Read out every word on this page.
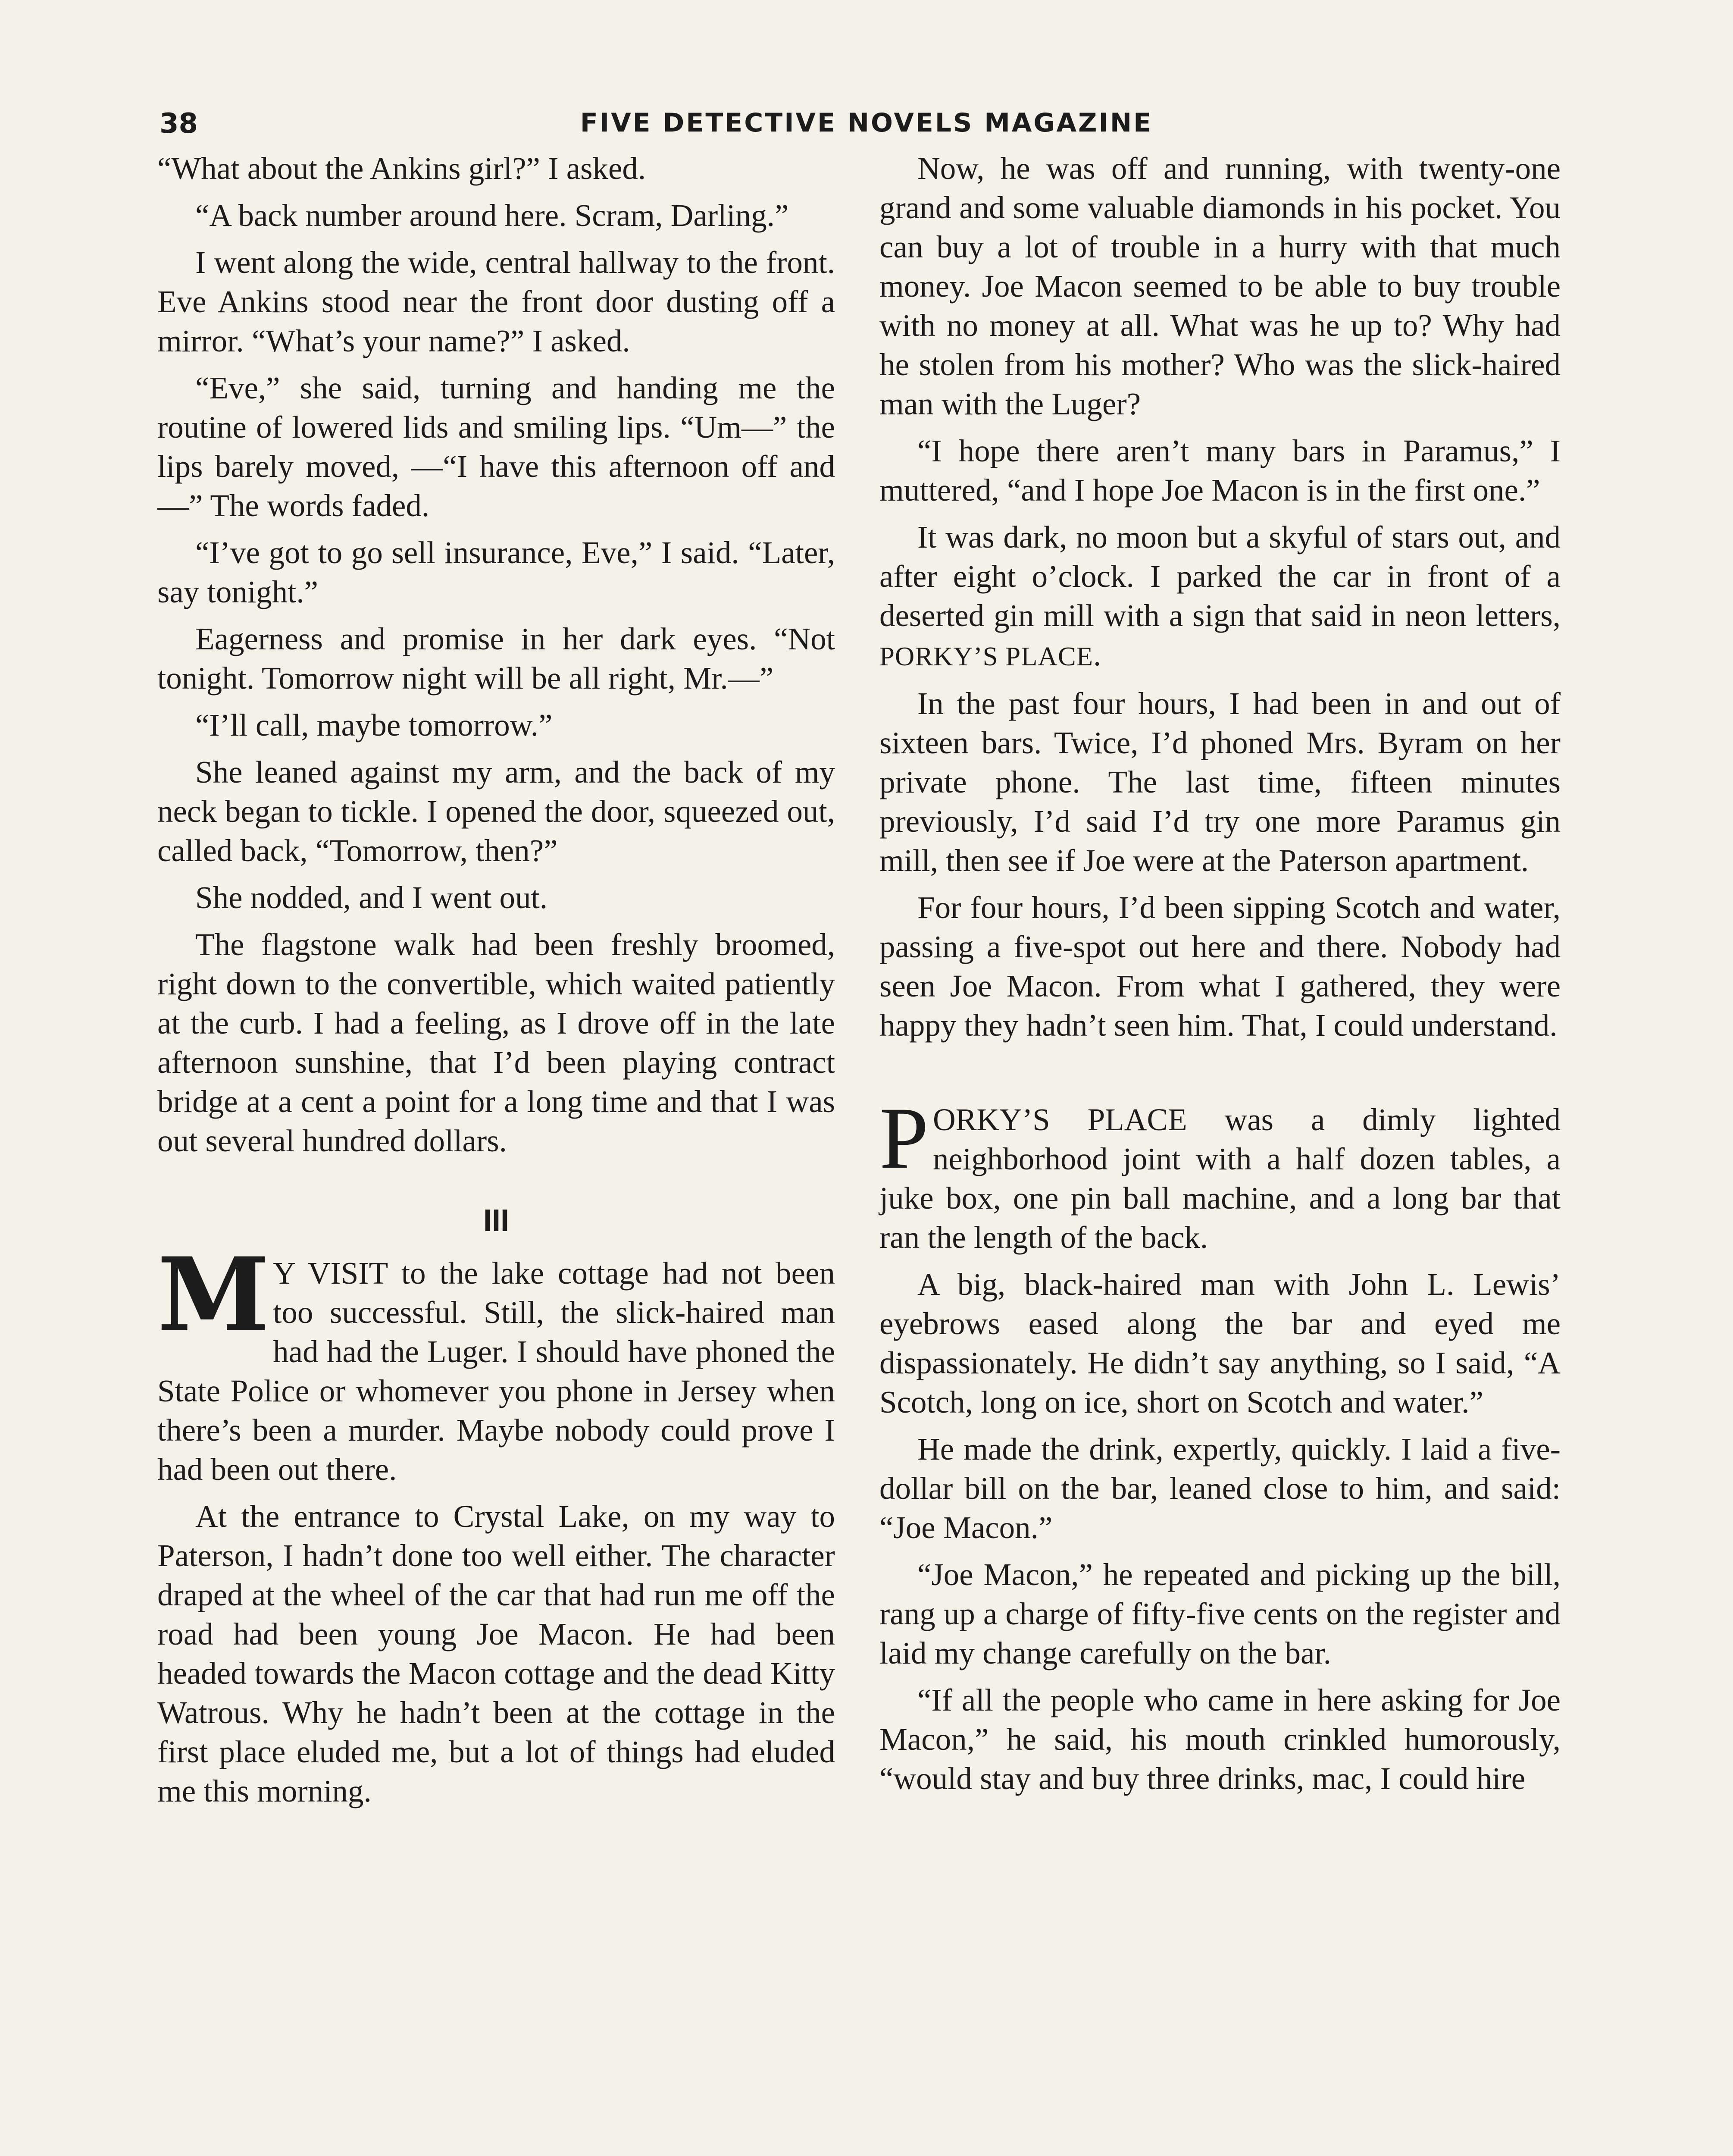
38	FIVE DETECTIVE NOVELS MAGAZINE

“What about the Ankins girl?” I asked.

“A back number around here. Scram, Darling.”

I went along the wide, central hallway to the front. Eve Ankins stood near the front door dusting off a mirror. “What’s your name?” I asked.

“Eve,” she said, turning and handing me the routine of lowered lids and smiling lips. “Um—” the lips barely moved, —“I have this afternoon off and—” The words faded.

“I’ve got to go sell insurance, Eve,” I said. “Later, say tonight.”

Eagerness and promise in her dark eyes. “Not tonight. Tomorrow night will be all right, Mr.—”

“I’ll call, maybe tomorrow.”

She leaned against my arm, and the back of my neck began to tickle. I opened the door, squeezed out, called back, “Tomorrow, then?”

She nodded, and I went out.

The flagstone walk had been freshly broomed, right down to the convertible, which waited patiently at the curb. I had a feeling, as I drove off in the late afternoon sunshine, that I’d been playing contract bridge at a cent a point for a long time and that I was out several hundred dollars.

III

M Y VISIT to the lake cottage had not been too successful. Still, the slick-haired man had had the Luger. I should have phoned the State Police or whomever you phone in Jersey when there’s been a murder. Maybe nobody could prove I had been out there.

At the entrance to Crystal Lake, on my way to Paterson, I hadn’t done too well either. The character draped at the wheel of the car that had run me off the road had been young Joe Macon. He had been headed towards the Macon cottage and the dead Kitty Watrous. Why he hadn’t been at the cottage in the first place eluded me, but a lot of things had eluded me this morning.

Now, he was off and running, with twenty-one grand and some valuable diamonds in his pocket. You can buy a lot of trouble in a hurry with that much money. Joe Macon seemed to be able to buy trouble with no money at all. What was he up to? Why had he stolen from his mother? Who was the slick-haired man with the Luger?

“I hope there aren’t many bars in Paramus,” I muttered, “and I hope Joe Macon is in the first one.”

It was dark, no moon but a skyful of stars out, and after eight o’clock. I parked the car in front of a deserted gin mill with a sign that said in neon letters, PORKY’S PLACE.

In the past four hours, I had been in and out of sixteen bars. Twice, I’d phoned Mrs. Byram on her private phone. The last time, fifteen minutes previously, I’d said I’d try one more Paramus gin mill, then see if Joe were at the Paterson apartment.

For four hours, I’d been sipping Scotch and water, passing a five-spot out here and there. Nobody had seen Joe Macon. From what I gathered, they were happy they hadn’t seen him. That, I could understand.

PORKY’S PLACE was a dimly lighted neighborhood joint with a half dozen tables, a juke box, one pin ball machine, and a long bar that ran the length of the back.

A big, black-haired man with John L. Lewis’ eyebrows eased along the bar and eyed me dispassionately. He didn’t say anything, so I said, “A Scotch, long on ice, short on Scotch and water.”

He made the drink, expertly, quickly. I laid a five-dollar bill on the bar, leaned close to him, and said: “Joe Macon.”

“Joe Macon,” he repeated and picking up the bill, rang up a charge of fifty-five cents on the register and laid my change carefully on the bar.

“If all the people who came in here asking for Joe Macon,” he said, his mouth crinkled humorously, “would stay and buy three drinks, mac, I could hire
